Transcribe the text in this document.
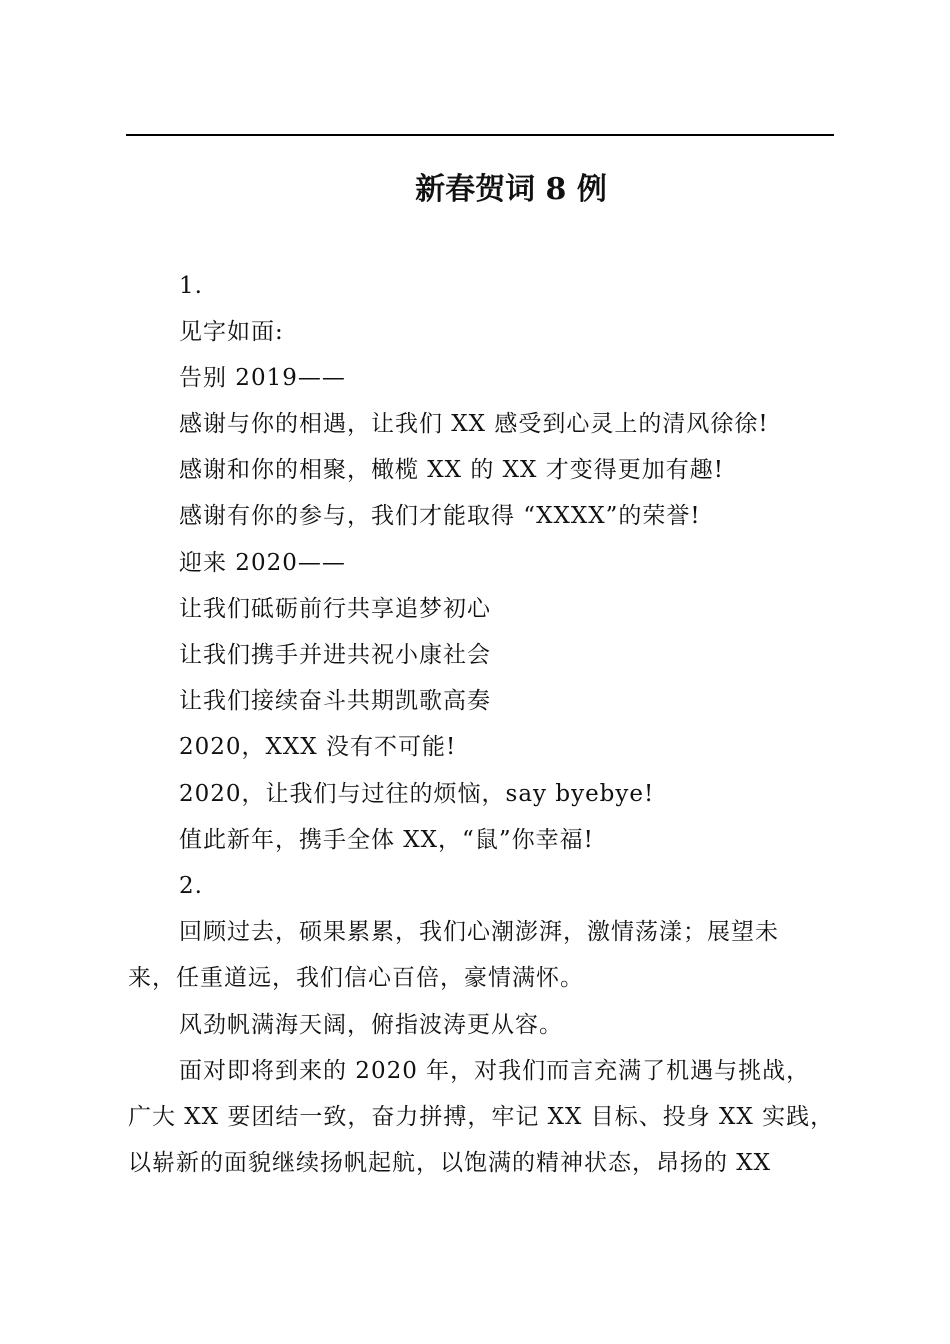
新春贺词 8 例
1.
见字如面:
告别 2019——
感谢与你的相遇，让我们 XX 感受到心灵上的清风徐徐!
感谢和你的相聚，橄榄 XX 的 XX 才变得更加有趣!
感谢有你的参与，我们才能取得 “XXXX”的荣誉!
迎来 2020——
让我们砥砺前行共享追梦初心
让我们携手并进共祝小康社会
让我们接续奋斗共期凯歌高奏
2020，XXX 没有不可能!
2020，让我们与过往的烦恼，say byebye!
值此新年，携手全体 XX，“鼠”你幸福!
2.
回顾过去，硕果累累，我们心潮澎湃，激情荡漾；展望未
来，任重道远，我们信心百倍，豪情满怀。
风劲帆满海天阔，俯指波涛更从容。
面对即将到来的 2020 年，对我们而言充满了机遇与挑战，
广大 XX 要团结一致，奋力拼搏，牢记 XX 目标、投身 XX 实践，
以崭新的面貌继续扬帆起航，以饱满的精神状态，昂扬的 XX
